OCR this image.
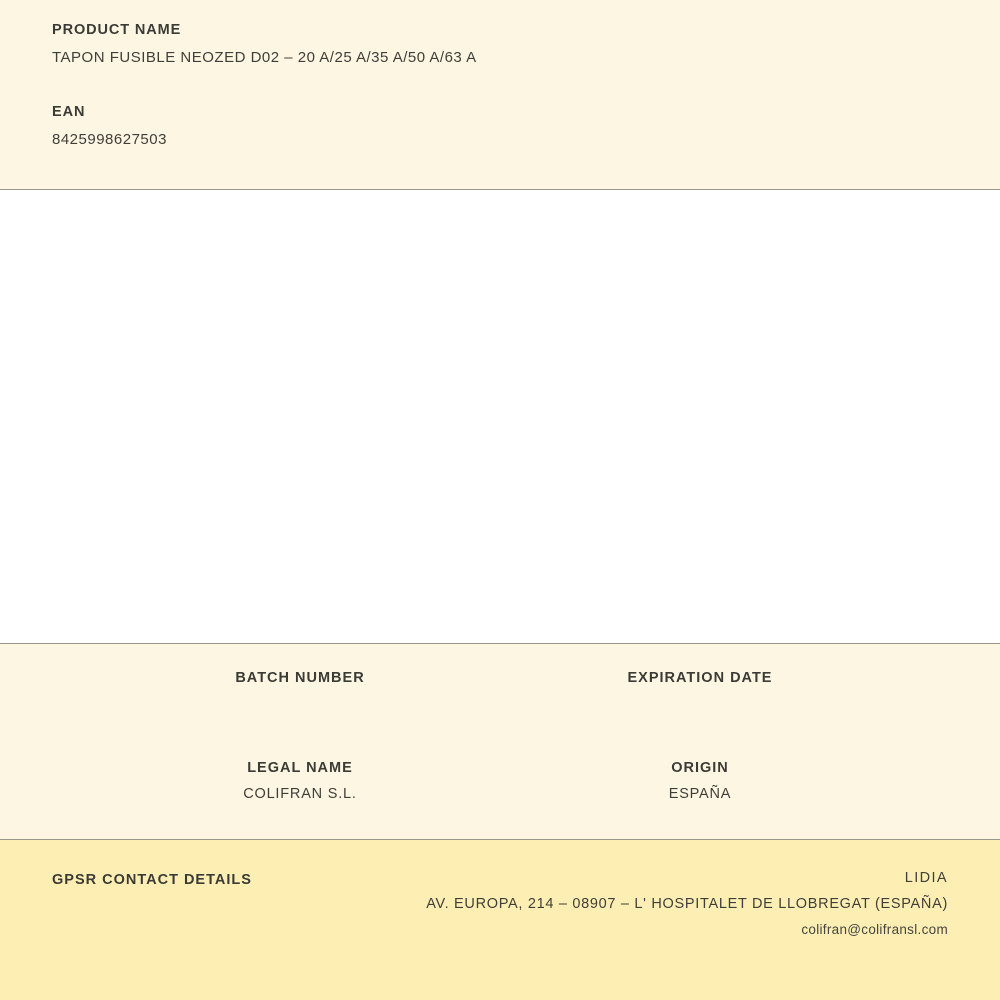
PRODUCT NAME
TAPON FUSIBLE NEOZED D02 – 20 A/25 A/35 A/50 A/63 A
EAN
8425998627503
BATCH NUMBER	EXPIRATION DATE
LEGAL NAME
COLIFRAN S.L.
ORIGIN
ESPAÑA
GPSR CONTACT DETAILS	LIDIA
AV. EUROPA, 214 – 08907 – L' HOSPITALET DE LLOBREGAT (ESPAÑA)
colifran@colifransl.com
